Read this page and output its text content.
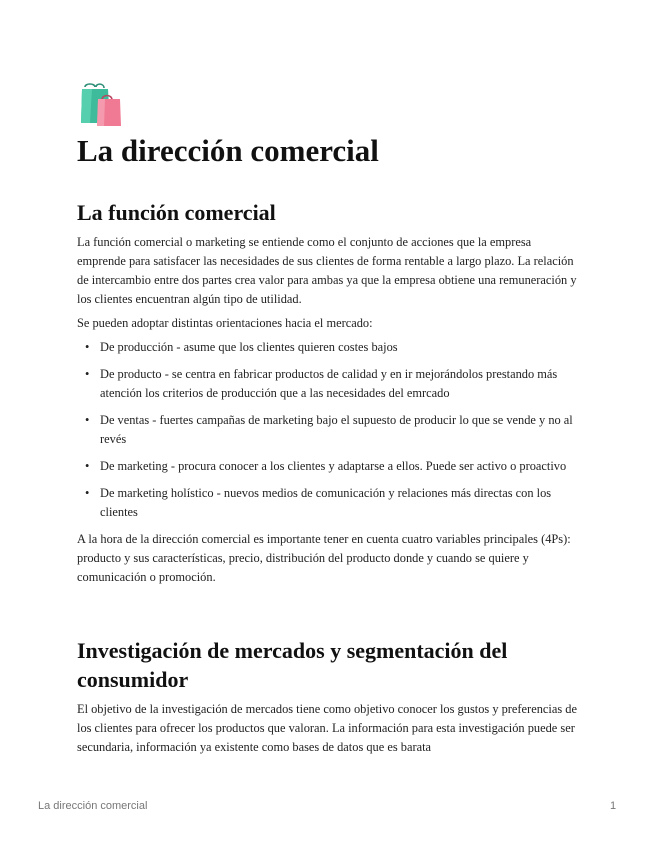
La dirección comercial
La función comercial

La función comercial o marketing se entiende como el conjunto de acciones que la empresa emprende para satisfacer las necesidades de sus clientes de forma rentable a largo plazo. La relación de intercambio entre dos partes crea valor para ambas ya que la empresa obtiene una remuneración y los clientes encuentran algún tipo de utilidad.

Se pueden adoptar distintas orientaciones hacia el mercado:

• De producción - asume que los clientes quieren costes bajos
• De producto - se centra en fabricar productos de calidad y en ir mejorándolos prestando más atención los criterios de producción que a las necesidades del emrcado
• De ventas - fuertes campañas de marketing bajo el supuesto de producir lo que se vende y no al revés
• De marketing - procura conocer a los clientes y adaptarse a ellos. Puede ser activo o proactivo
• De marketing holístico - nuevos medios de comunicación y relaciones más directas con los clientes

A la hora de la dirección comercial es importante tener en cuenta cuatro variables principales (4Ps): producto y sus características, precio, distribución del producto donde y cuando se quiere y comunicación o promoción.

Investigación de mercados y segmentación del consumidor

El objetivo de la investigación de mercados tiene como objetivo conocer los gustos y preferencias de los clientes para ofrecer los productos que valoran. La información para esta investigación puede ser secundaria, información ya existente como bases de datos que es barata

La dirección comercial	1
